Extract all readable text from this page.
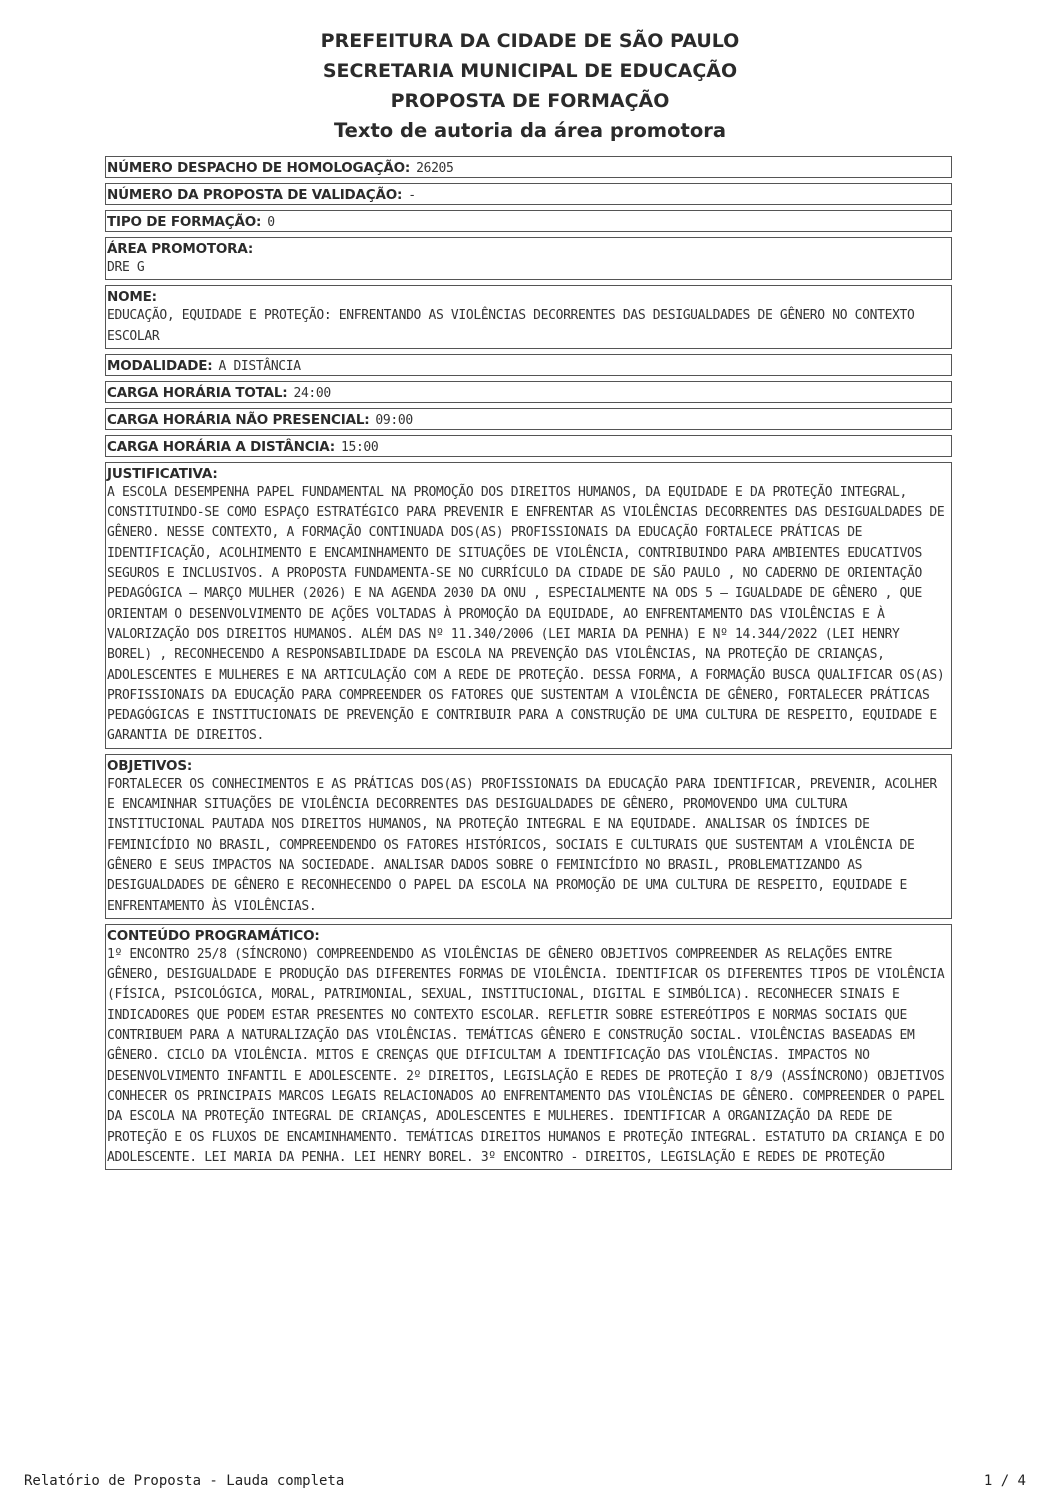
PREFEITURA DA CIDADE DE SÃO PAULO
SECRETARIA MUNICIPAL DE EDUCAÇÃO
PROPOSTA DE FORMAÇÃO
Texto de autoria da área promotora
NÚMERO DESPACHO DE HOMOLOGAÇÃO: 26205
NÚMERO DA PROPOSTA DE VALIDAÇÃO: -
TIPO DE FORMAÇÃO: 0
ÁREA PROMOTORA:
DRE G
NOME:
EDUCAÇÃO, EQUIDADE E PROTEÇÃO: ENFRENTANDO AS VIOLÊNCIAS DECORRENTES DAS DESIGUALDADES DE GÊNERO NO CONTEXTO ESCOLAR
MODALIDADE: A DISTÂNCIA
CARGA HORÁRIA TOTAL: 24:00
CARGA HORÁRIA NÃO PRESENCIAL: 09:00
CARGA HORÁRIA A DISTÂNCIA: 15:00
JUSTIFICATIVA:
A ESCOLA DESEMPENHA PAPEL FUNDAMENTAL NA PROMOÇÃO DOS DIREITOS HUMANOS, DA EQUIDADE E DA PROTEÇÃO INTEGRAL, CONSTITUINDO-SE COMO ESPAÇO ESTRATÉGICO PARA PREVENIR E ENFRENTAR AS VIOLÊNCIAS DECORRENTES DAS DESIGUALDADES DE GÊNERO. NESSE CONTEXTO, A FORMAÇÃO CONTINUADA DOS(AS) PROFISSIONAIS DA EDUCAÇÃO FORTALECE PRÁTICAS DE IDENTIFICAÇÃO, ACOLHIMENTO E ENCAMINHAMENTO DE SITUAÇÕES DE VIOLÊNCIA, CONTRIBUINDO PARA AMBIENTES EDUCATIVOS SEGUROS E INCLUSIVOS. A PROPOSTA FUNDAMENTA-SE NO CURRÍCULO DA CIDADE DE SÃO PAULO , NO CADERNO DE ORIENTAÇÃO PEDAGÓGICA — MARÇO MULHER (2026) E NA AGENDA 2030 DA ONU , ESPECIALMENTE NA ODS 5 — IGUALDADE DE GÊNERO , QUE ORIENTAM O DESENVOLVIMENTO DE AÇÕES VOLTADAS À PROMOÇÃO DA EQUIDADE, AO ENFRENTAMENTO DAS VIOLÊNCIAS E À VALORIZAÇÃO DOS DIREITOS HUMANOS. ALÉM DAS Nº 11.340/2006 (LEI MARIA DA PENHA) E Nº 14.344/2022 (LEI HENRY BOREL) , RECONHECENDO A RESPONSABILIDADE DA ESCOLA NA PREVENÇÃO DAS VIOLÊNCIAS, NA PROTEÇÃO DE CRIANÇAS, ADOLESCENTES E MULHERES E NA ARTICULAÇÃO COM A REDE DE PROTEÇÃO. DESSA FORMA, A FORMAÇÃO BUSCA QUALIFICAR OS(AS) PROFISSIONAIS DA EDUCAÇÃO PARA COMPREENDER OS FATORES QUE SUSTENTAM A VIOLÊNCIA DE GÊNERO, FORTALECER PRÁTICAS PEDAGÓGICAS E INSTITUCIONAIS DE PREVENÇÃO E CONTRIBUIR PARA A CONSTRUÇÃO DE UMA CULTURA DE RESPEITO, EQUIDADE E GARANTIA DE DIREITOS.
OBJETIVOS:
FORTALECER OS CONHECIMENTOS E AS PRÁTICAS DOS(AS) PROFISSIONAIS DA EDUCAÇÃO PARA IDENTIFICAR, PREVENIR, ACOLHER E ENCAMINHAR SITUAÇÕES DE VIOLÊNCIA DECORRENTES DAS DESIGUALDADES DE GÊNERO, PROMOVENDO UMA CULTURA INSTITUCIONAL PAUTADA NOS DIREITOS HUMANOS, NA PROTEÇÃO INTEGRAL E NA EQUIDADE. ANALISAR OS ÍNDICES DE FEMINICÍDIO NO BRASIL, COMPREENDENDO OS FATORES HISTÓRICOS, SOCIAIS E CULTURAIS QUE SUSTENTAM A VIOLÊNCIA DE GÊNERO E SEUS IMPACTOS NA SOCIEDADE. ANALISAR DADOS SOBRE O FEMINICÍDIO NO BRASIL, PROBLEMATIZANDO AS DESIGUALDADES DE GÊNERO E RECONHECENDO O PAPEL DA ESCOLA NA PROMOÇÃO DE UMA CULTURA DE RESPEITO, EQUIDADE E ENFRENTAMENTO ÀS VIOLÊNCIAS.
CONTEÚDO PROGRAMÁTICO:
1º ENCONTRO 25/8 (SÍNCRONO) COMPREENDENDO AS VIOLÊNCIAS DE GÊNERO OBJETIVOS COMPREENDER AS RELAÇÕES ENTRE GÊNERO, DESIGUALDADE E PRODUÇÃO DAS DIFERENTES FORMAS DE VIOLÊNCIA. IDENTIFICAR OS DIFERENTES TIPOS DE VIOLÊNCIA (FÍSICA, PSICOLÓGICA, MORAL, PATRIMONIAL, SEXUAL, INSTITUCIONAL, DIGITAL E SIMBÓLICA). RECONHECER SINAIS E INDICADORES QUE PODEM ESTAR PRESENTES NO CONTEXTO ESCOLAR. REFLETIR SOBRE ESTEREÓTIPOS E NORMAS SOCIAIS QUE CONTRIBUEM PARA A NATURALIZAÇÃO DAS VIOLÊNCIAS. TEMÁTICAS GÊNERO E CONSTRUÇÃO SOCIAL. VIOLÊNCIAS BASEADAS EM GÊNERO. CICLO DA VIOLÊNCIA. MITOS E CRENÇAS QUE DIFICULTAM A IDENTIFICAÇÃO DAS VIOLÊNCIAS. IMPACTOS NO DESENVOLVIMENTO INFANTIL E ADOLESCENTE. 2º DIREITOS, LEGISLAÇÃO E REDES DE PROTEÇÃO I 8/9 (ASSÍNCRONO) OBJETIVOS CONHECER OS PRINCIPAIS MARCOS LEGAIS RELACIONADOS AO ENFRENTAMENTO DAS VIOLÊNCIAS DE GÊNERO. COMPREENDER O PAPEL DA ESCOLA NA PROTEÇÃO INTEGRAL DE CRIANÇAS, ADOLESCENTES E MULHERES. IDENTIFICAR A ORGANIZAÇÃO DA REDE DE PROTEÇÃO E OS FLUXOS DE ENCAMINHAMENTO. TEMÁTICAS DIREITOS HUMANOS E PROTEÇÃO INTEGRAL. ESTATUTO DA CRIANÇA E DO ADOLESCENTE. LEI MARIA DA PENHA. LEI HENRY BOREL. 3º ENCONTRO - DIREITOS, LEGISLAÇÃO E REDES DE PROTEÇÃO
Relatório de Proposta - Lauda completa	1 / 4
